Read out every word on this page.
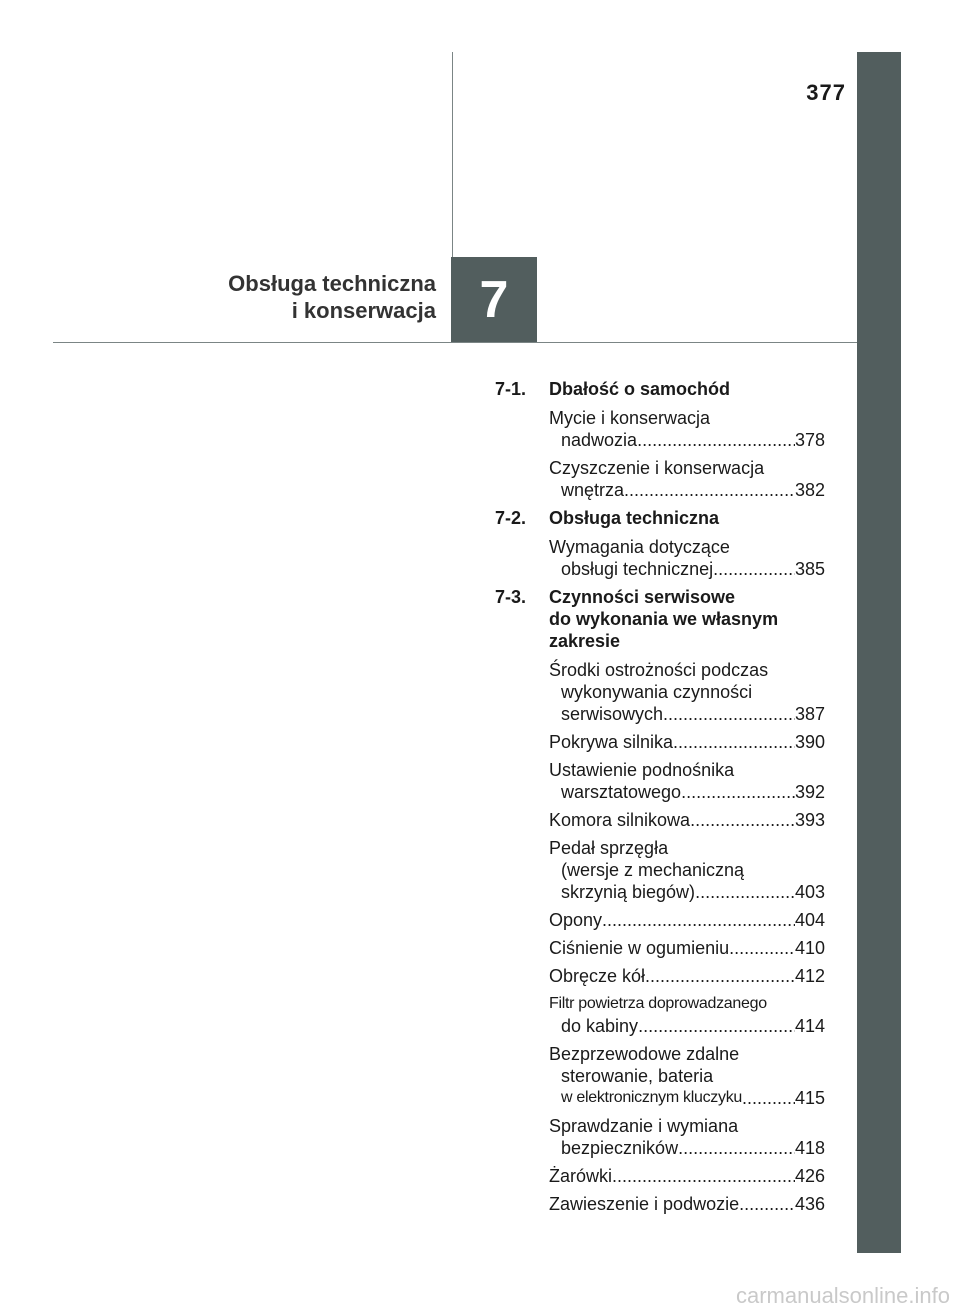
377
7
Obsługa techniczna
i konserwacja
7-1. Dbałość o samochód
Mycie i konserwacja
nadwozia .....	378
Czyszczenie i konserwacja
wnętrza .....	382
7-2. Obsługa techniczna
Wymagania dotyczące
obsługi technicznej .....	385
7-3. Czynności serwisowe
do wykonania we własnym
zakresie
Środki ostrożności podczas
wykonywania czynności
serwisowych .....	387
Pokrywa silnika .....	390
Ustawienie podnośnika
warsztatowego .....	392
Komora silnikowa .....	393
Pedał sprzęgła
(wersje z mechaniczną
skrzynią biegów) .....	403
Opony .....	404
Ciśnienie w ogumieniu .....	410
Obręcze kół .....	412
Filtr powietrza doprowadzanego
do kabiny .....	414
Bezprzewodowe zdalne
sterowanie, bateria
w elektronicznym kluczyku .....	415
Sprawdzanie i wymiana
bezpieczników .....	418
Żarówki .....	426
Zawieszenie i podwozie .....	436
carmanualsonline.info
